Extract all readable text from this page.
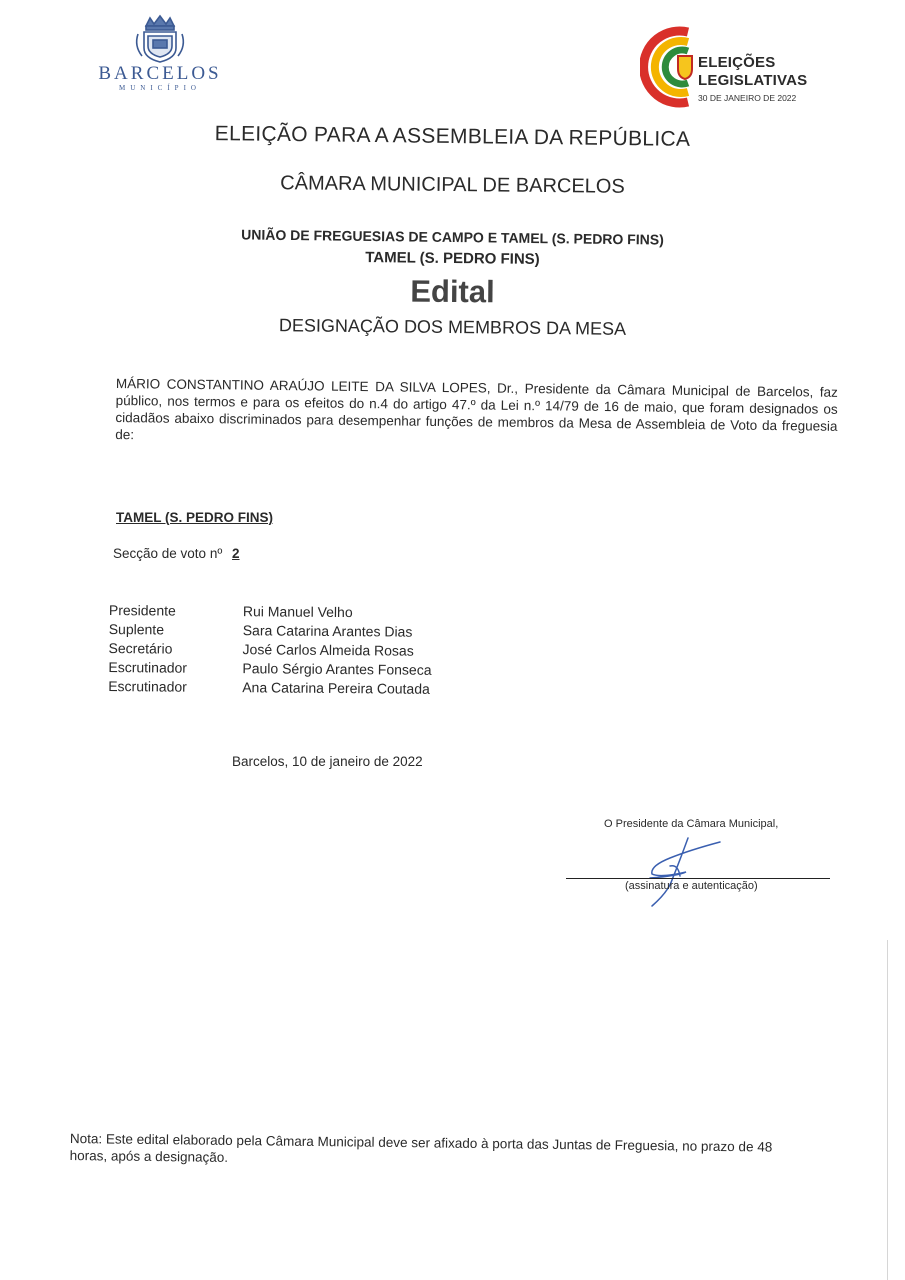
BARCELOS
MUNICÍPIO
ELEIÇÕES
LEGISLATIVAS
30 DE JANEIRO DE 2022
ELEIÇÃO PARA A ASSEMBLEIA DA REPÚBLICA
CÂMARA MUNICIPAL DE BARCELOS
UNIÃO DE FREGUESIAS DE CAMPO E TAMEL (S. PEDRO FINS)
TAMEL (S. PEDRO FINS)
Edital
DESIGNAÇÃO DOS MEMBROS DA MESA
MÁRIO CONSTANTINO ARAÚJO LEITE DA SILVA LOPES, Dr., Presidente da Câmara Municipal de Barcelos, faz público, nos termos e para os efeitos do n.4 do artigo 47.º da Lei n.º 14/79 de 16 de maio, que foram designados os cidadãos abaixo discriminados para desempenhar funções de membros da Mesa de Assembleia de Voto da freguesia de:
TAMEL (S. PEDRO FINS)
Secção de voto nº 2
Presidente	Rui Manuel Velho
Suplente	Sara Catarina Arantes Dias
Secretário	José Carlos Almeida Rosas
Escrutinador	Paulo Sérgio Arantes Fonseca
Escrutinador	Ana Catarina Pereira Coutada
Barcelos, 10 de janeiro de 2022
O Presidente da Câmara Municipal,
(assinatura e autenticação)
Nota: Este edital elaborado pela Câmara Municipal deve ser afixado à porta das Juntas de Freguesia, no prazo de 48 horas, após a designação.
